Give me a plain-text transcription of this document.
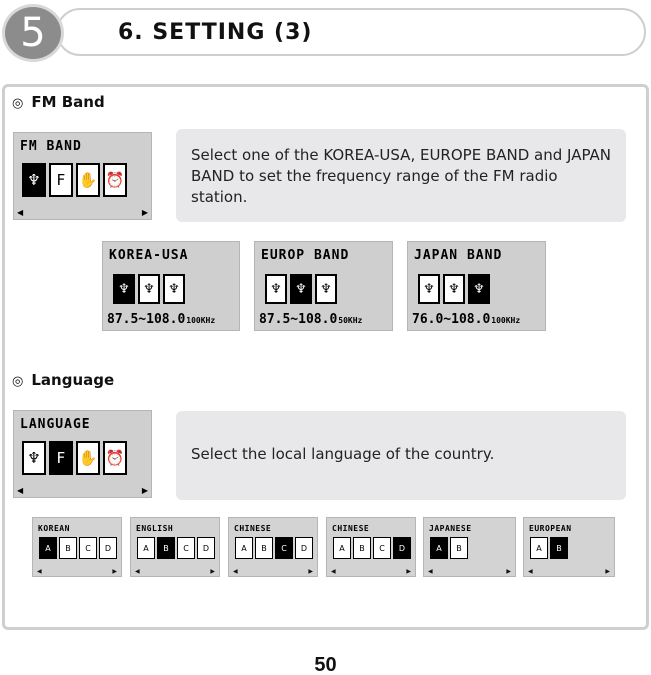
5	6. SETTING (3)
◎ FM Band
FM BAND
♆	F ✋ ⏰
◀	▶
Select one of the KOREA-USA, EUROPE BAND and JAPAN BAND to set the frequency range of the FM radio station.
KOREA-USA
♆	♆	♆
87.5~108.0100KHz
EUROP BAND
♆	♆	♆
87.5~108.050KHz
JAPAN BAND
♆	♆	♆
76.0~108.0100KHz
◎ Language
LANGUAGE
♆	F ✋ ⏰
◀	▶
Select the local language of the country.
KOREAN
A	B	C	D
◀	▶
ENGLISH
A	B	C	D
◀	▶
CHINESE
A	B	C	D
◀	▶
CHINESE
A	B	C	D
◀	▶
JAPANESE
A	B
◀	▶
EUROPEAN
A	B
◀	▶
50
